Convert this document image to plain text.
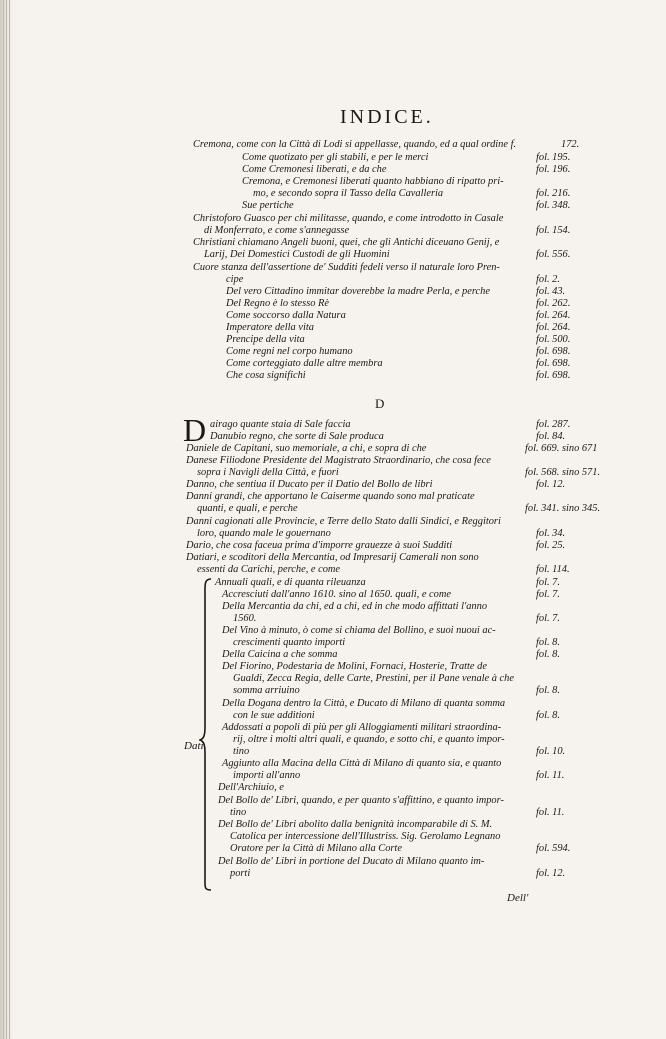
INDICE.
D
D
Dati
Cremona, come con la Città di Lodi si appellasse, quando, ed a qual ordine f.	172.
Come quotizato per gli stabili, e per le merci	fol. 195.
Come Cremonesi liberati, e da che	fol. 196.
Cremona, e Cremonesi liberati quanto habbiano di ripatto pri-
mo, e secondo sopra il Tasso della Cavalleria	fol. 216.
Sue pertiche	fol. 348.
Christoforo Guasco per chi militasse, quando, e come introdotto in Casale
di Monferrato, e come s'annegasse	fol. 154.
Christiani chiamano Angeli buoni, quei, che gli Antichi diceuano Genij, e
Larij, Dei Domestici Custodi de gli Huomini	fol. 556.
Cuore stanza dell'assertione de' Sudditi fedeli verso il naturale loro Pren-
cipe	fol. 2.
Del vero Cittadino immitar doverebbe la madre Perla, e perche	fol. 43.
Del Regno è lo stesso Rè	fol. 262.
Come soccorso dalla Natura	fol. 264.
Imperatore della vita	fol. 264.
Prencipe della vita	fol. 500.
Come regni nel corpo humano	fol. 698.
Come corteggiato dalle altre membra	fol. 698.
Che cosa significhi	fol. 698.
airago quante staia di Sale faccia	fol. 287.
Danubio regno, che sorte di Sale produca	fol. 84.
Daniele de Capitani, suo memoriale, a chi, e sopra di che	fol. 669. sino 671
Danese Filiodone Presidente del Magistrato Straordinario, che cosa fece
sopra i Navigli della Città, e fuori	fol. 568. sino 571.
Danno, che sentiua il Ducato per il Datio del Bollo de libri	fol. 12.
Danni grandi, che apportano le Caiserme quando sono mal praticate
quanti, e quali, e perche	fol. 341. sino 345.
Danni cagionati alle Provincie, e Terre dello Stato dalli Sindici, e Reggitori
loro, quando male le gouernano	fol. 34.
Dario, che cosa faceua prima d'imporre grauezze à suoi Sudditi	fol. 25.
Datiari, e scoditori della Mercantia, od Impresarij Camerali non sono
essenti da Carichi, perche, e come	fol. 114.
Annuali quali, e di quanta rileuanza	fol. 7.
Accresciuti dall'anno 1610. sino al 1650. quali, e come	fol. 7.
Della Mercantia da chi, ed a chi, ed in che modo affittati l'anno
1560.	fol. 7.
Del Vino à minuto, ò come si chiama del Bollino, e suoi nuoui ac-
crescimenti quanto importi	fol. 8.
Della Caicina a che somma	fol. 8.
Del Fiorino, Podestaria de Molini, Fornaci, Hosterie, Tratte de
Gualdi, Zecca Regia, delle Carte, Prestini, per il Pane venale à che
somma arriuino	fol. 8.
Della Dogana dentro la Città, e Ducato di Milano di quanta somma
con le sue additioni	fol. 8.
Addossati a popoli di più per gli Alloggiamenti militari straordina-
rij, oltre i molti altri quali, e quando, e sotto chi, e quanto impor-
tino	fol. 10.
Aggiunto alla Macina della Città di Milano di quanto sia, e quanto
importi all'anno	fol. 11.
Dell'Archiuio, e
Del Bollo de' Libri, quando, e per quanto s'affittino, e quanto impor-
tino	fol. 11.
Del Bollo de' Libri abolito dalla benignità incomparabile di S. M.
Catolica per intercessione dell'Illustriss. Sig. Gerolamo Legnano
Oratore per la Città di Milano alla Corte	fol. 594.
Del Bollo de' Libri in portione del Ducato di Milano quanto im-
porti	fol. 12.
Dell'
